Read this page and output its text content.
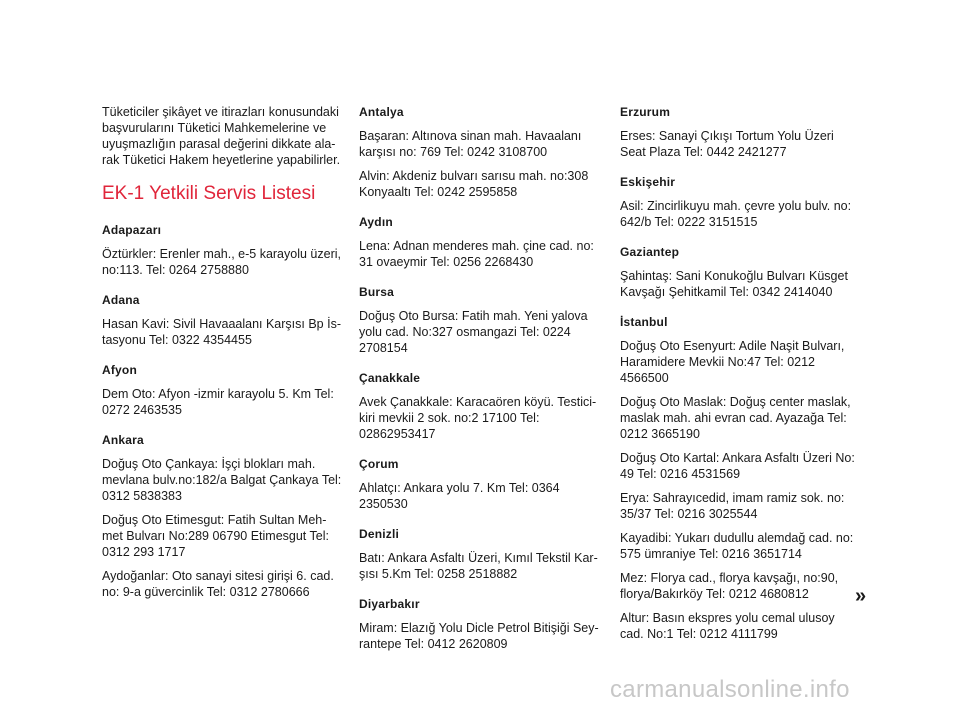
Tüketiciler şikâyet ve itirazları konusundaki başvurularını Tüketici Mahkemelerine ve uyuşmazlığın parasal değerini dikkate ala-rak Tüketici Hakem heyetlerine yapabilirler.

EK-1 Yetkili Servis Listesi
Adapazarı
Öztürkler: Erenler mah., e-5 karayolu üzeri, no:113. Tel: 0264 2758880
Adana
Hasan Kavi: Sivil Havaaalanı Karşısı Bp İs-tasyonu Tel: 0322 4354455
Afyon
Dem Oto: Afyon -izmir karayolu 5. Km Tel: 0272 2463535
Ankara
Doğuş Oto Çankaya: İşçi blokları mah. mevlana bulv.no:182/a Balgat Çankaya Tel: 0312 5838383
Doğuş Oto Etimesgut: Fatih Sultan Meh-met Bulvarı No:289 06790 Etimesgut Tel: 0312 293 1717
Aydoğanlar: Oto sanayi sitesi girişi 6. cad. no: 9-a güvercinlik Tel: 0312 2780666
Antalya
Başaran: Altınova sinan mah. Havaalanı karşısı no: 769 Tel: 0242 3108700
Alvin: Akdeniz bulvarı sarısu mah. no:308 Konyaaltı Tel: 0242 2595858
Aydın
Lena: Adnan menderes mah. çine cad. no: 31 ovaeymir Tel: 0256 2268430
Bursa
Doğuş Oto Bursa: Fatih mah. Yeni yalova yolu cad. No:327 osmangazi Tel: 0224 2708154
Çanakkale
Avek Çanakkale: Karacaören köyü. Testici-kiri mevkii 2 sok. no:2 17100 Tel: 02862953417
Çorum
Ahlatçı: Ankara yolu 7. Km Tel: 0364 2350530
Denizli
Batı: Ankara Asfaltı Üzeri, Kımıl Tekstil Kar-şısı 5.Km Tel: 0258 2518882
Diyarbakır
Miram: Elazığ Yolu Dicle Petrol Bitişiği Sey-rantepe Tel: 0412 2620809
Erzurum
Erses: Sanayi Çıkışı Tortum Yolu Üzeri Seat Plaza Tel: 0442 2421277
Eskişehir
Asil: Zincirlikuyu mah. çevre yolu bulv. no: 642/b Tel: 0222 3151515
Gaziantep
Şahintaş: Sani Konukoğlu Bulvarı Küsget Kavşağı Şehitkamil Tel: 0342 2414040
İstanbul
Doğuş Oto Esenyurt: Adile Naşit Bulvarı, Haramidere Mevkii No:47 Tel: 0212 4566500
Doğuş Oto Maslak: Doğuş center maslak, maslak mah. ahi evran cad. Ayazağa Tel: 0212 3665190
Doğuş Oto Kartal: Ankara Asfaltı Üzeri No: 49 Tel: 0216 4531569
Erya: Sahrayıcedid, imam ramiz sok. no: 35/37 Tel: 0216 3025544
Kayadibi: Yukarı dudullu alemdağ cad. no: 575 ümraniye Tel: 0216 3651714
Mez: Florya cad., florya kavşağı, no:90, florya/Bakırköy Tel: 0212 4680812
Altur: Basın ekspres yolu cemal ulusoy cad. No:1 Tel: 0212 4111799
»
carmanualsonline.info
